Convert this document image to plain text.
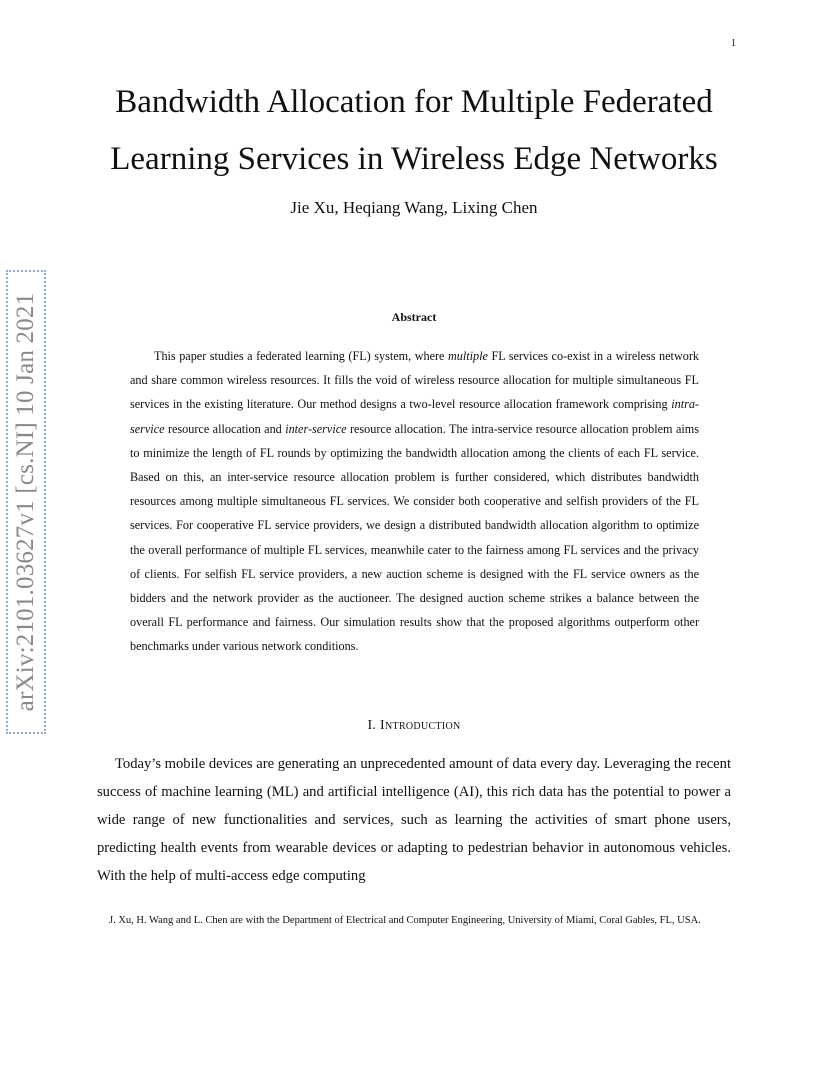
1
arXiv:2101.03627v1 [cs.NI] 10 Jan 2021
Bandwidth Allocation for Multiple Federated Learning Services in Wireless Edge Networks
Jie Xu, Heqiang Wang, Lixing Chen
Abstract

This paper studies a federated learning (FL) system, where multiple FL services co-exist in a wireless network and share common wireless resources. It fills the void of wireless resource allocation for multiple simultaneous FL services in the existing literature. Our method designs a two-level resource allocation framework comprising intra-service resource allocation and inter-service resource allocation. The intra-service resource allocation problem aims to minimize the length of FL rounds by optimizing the bandwidth allocation among the clients of each FL service. Based on this, an inter-service resource allocation problem is further considered, which distributes bandwidth resources among multiple simultaneous FL services. We consider both cooperative and selfish providers of the FL services. For cooperative FL service providers, we design a distributed bandwidth allocation algorithm to optimize the overall performance of multiple FL services, meanwhile cater to the fairness among FL services and the privacy of clients. For selfish FL service providers, a new auction scheme is designed with the FL service owners as the bidders and the network provider as the auctioneer. The designed auction scheme strikes a balance between the overall FL performance and fairness. Our simulation results show that the proposed algorithms outperform other benchmarks under various network conditions.

I. Introduction

Today’s mobile devices are generating an unprecedented amount of data every day. Leveraging the recent success of machine learning (ML) and artificial intelligence (AI), this rich data has the potential to power a wide range of new functionalities and services, such as learning the activities of smart phone users, predicting health events from wearable devices or adapting to pedestrian behavior in autonomous vehicles. With the help of multi-access edge computing

J. Xu, H. Wang and L. Chen are with the Department of Electrical and Computer Engineering, University of Miami, Coral Gables, FL, USA.
